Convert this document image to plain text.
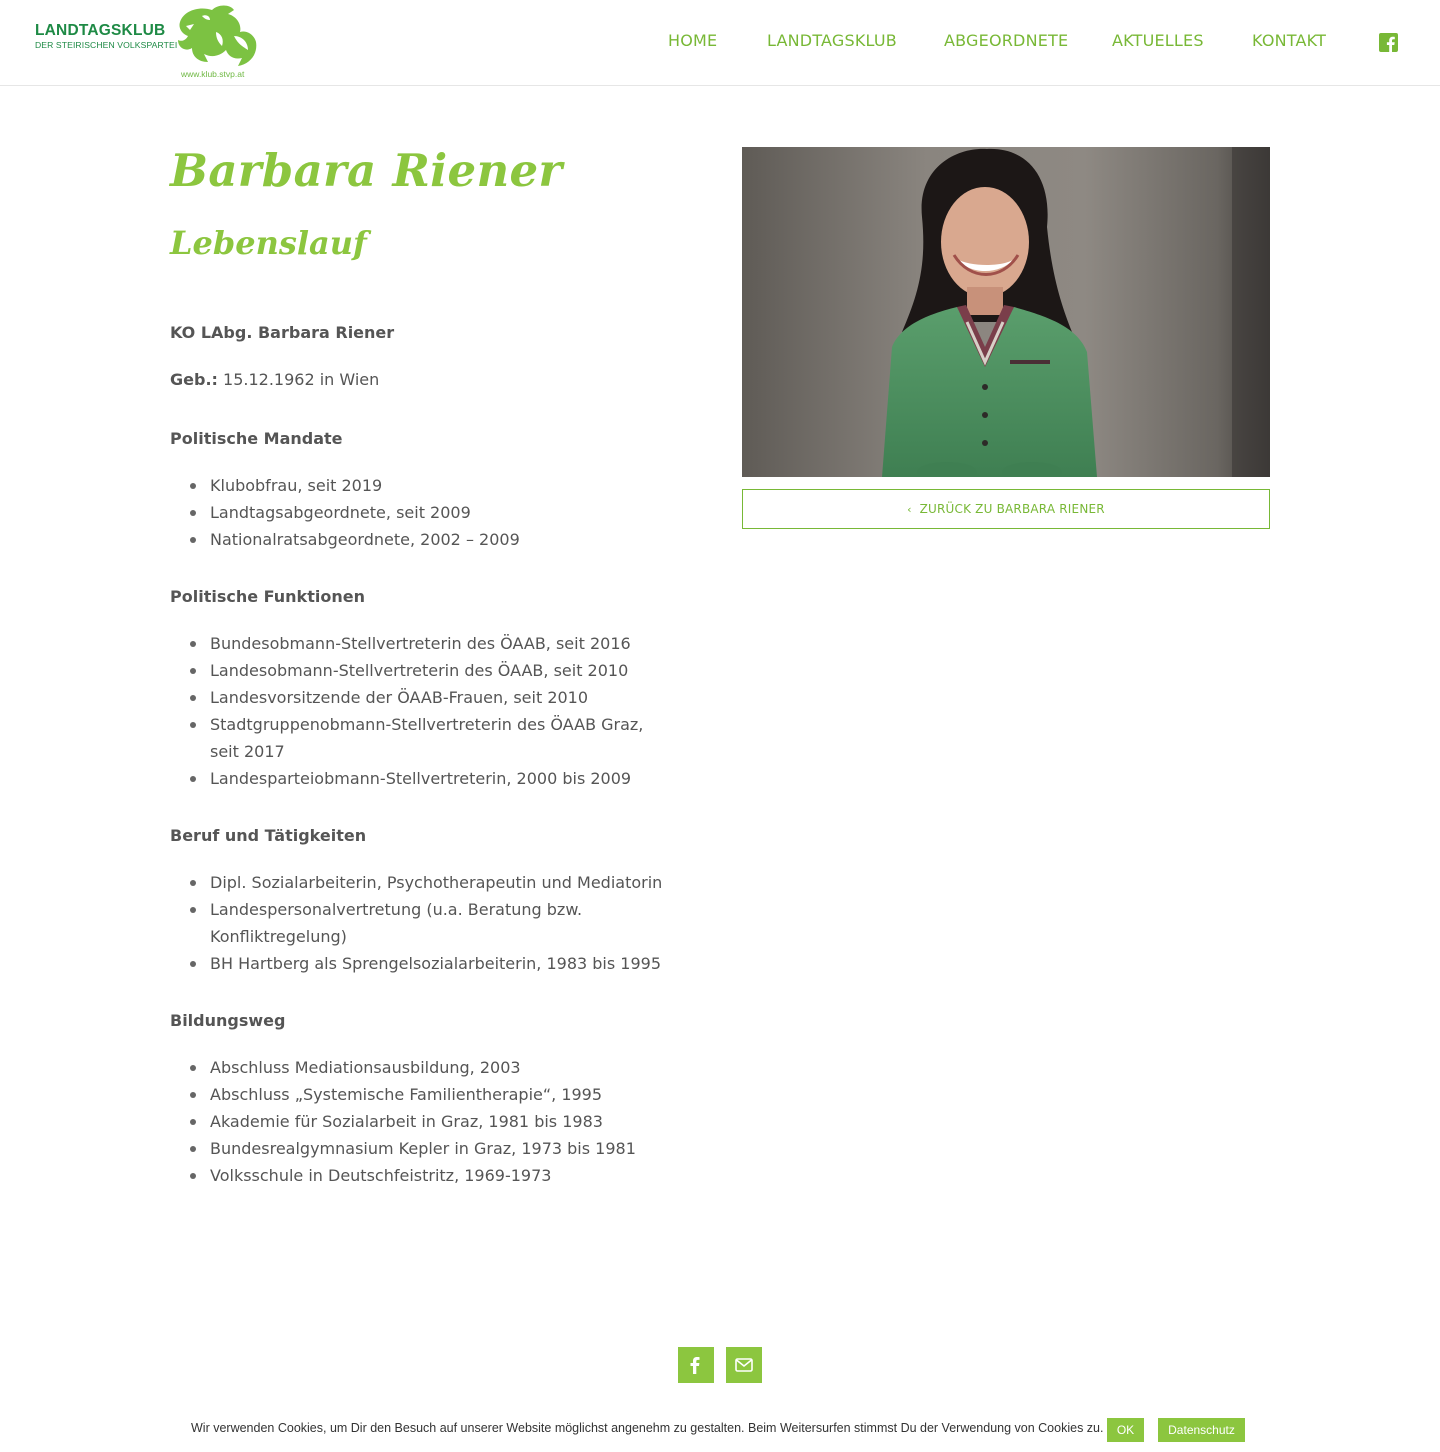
LANDTAGSKLUB
DER STEIRISCHEN VOLKSPARTEI
www.klub.stvp.at
HOME	LANDTAGSKLUB	ABGEORDNETE	AKTUELLES	KONTAKT
Barbara Riener
Lebenslauf
KO LAbg. Barbara Riener
Geb.: 15.12.1962 in Wien
Politische Mandate
Klubobfrau, seit 2019
Landtagsabgeordnete, seit 2009
Nationalratsabgeordnete, 2002 – 2009
Politische Funktionen
Bundesobmann-Stellvertreterin des ÖAAB, seit 2016
Landesobmann-Stellvertreterin des ÖAAB, seit 2010
Landesvorsitzende der ÖAAB-Frauen, seit 2010
Stadtgruppenobmann-Stellvertreterin des ÖAAB Graz, seit 2017
Landesparteiobmann-Stellvertreterin, 2000 bis 2009
Beruf und Tätigkeiten
Dipl. Sozialarbeiterin, Psychotherapeutin und Mediatorin
Landespersonalvertretung (u.a. Beratung bzw. Konfliktregelung)
BH Hartberg als Sprengelsozialarbeiterin, 1983 bis 1995
Bildungsweg
Abschluss Mediationsausbildung, 2003
Abschluss „Systemische Familientherapie“, 1995
Akademie für Sozialarbeit in Graz, 1981 bis 1983
Bundesrealgymnasium Kepler in Graz, 1973 bis 1981
Volksschule in Deutschfeistritz, 1969-1973
‹ ZURÜCK ZU BARBARA RIENER
Wir verwenden Cookies, um Dir den Besuch auf unserer Website möglichst angenehm zu gestalten. Beim Weitersurfen stimmst Du der Verwendung von Cookies zu.	OK	Datenschutz
